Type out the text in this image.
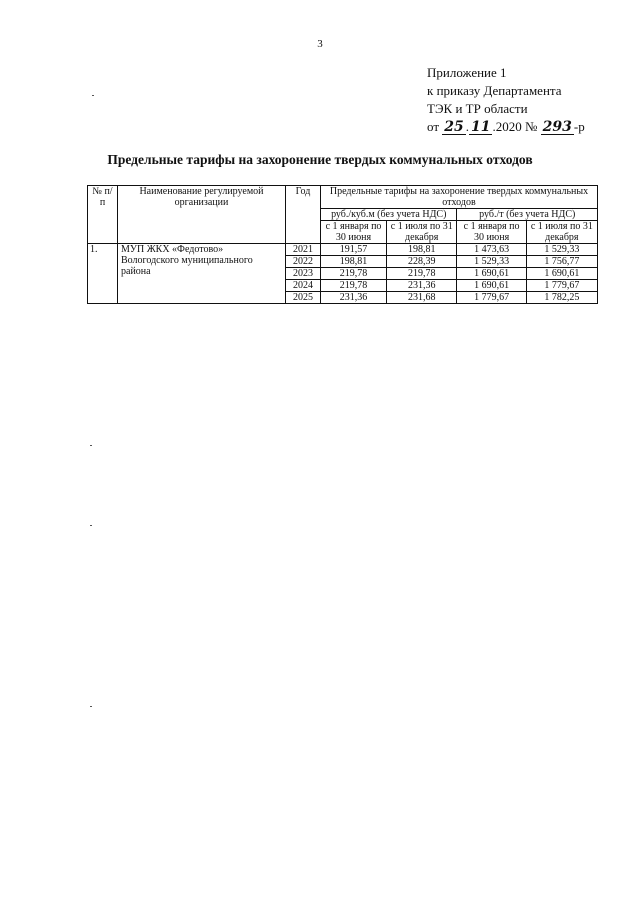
3
Приложение 1
к приказу Департамента
ТЭК и ТР области
от 25 . 11 .2020 № 293 -р
Предельные тарифы на захоронение твердых коммунальных отходов
№ п/п	Наименование регулируемой организации	Год	Предельные тарифы на захоронение твердых коммунальных отходов			
			руб./куб.м (без учета НДС)		руб./т (без учета НДС)	
			с 1 января по 30 июня	с 1 июля по 31 декабря	с 1 января по 30 июня	с 1 июля по 31 декабря
1.	МУП ЖКХ «Федотово» Вологодского муниципального района	2021	191,57	198,81	1 473,63	1 529,33
		2022	198,81	228,39	1 529,33	1 756,77
		2023	219,78	219,78	1 690,61	1 690,61
		2024	219,78	231,36	1 690,61	1 779,67
		2025	231,36	231,68	1 779,67	1 782,25
